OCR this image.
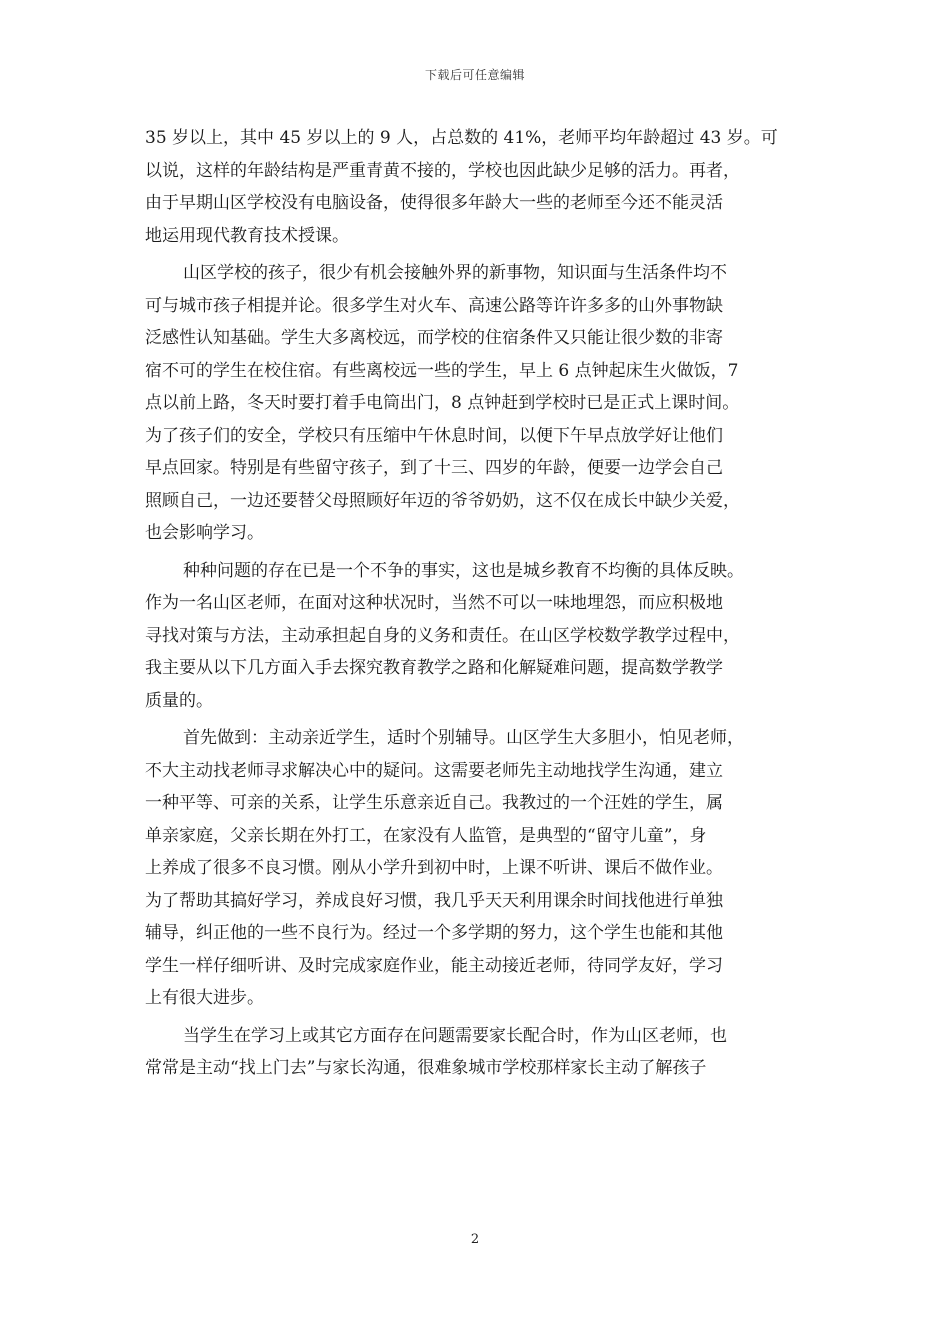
下载后可任意编辑
35 岁以上，其中 45 岁以上的 9 人，占总数的 41%，老师平均年龄超过 43 岁。可
以说，这样的年龄结构是严重青黄不接的，学校也因此缺少足够的活力。再者，
由于早期山区学校没有电脑设备，使得很多年龄大一些的老师至今还不能灵活
地运用现代教育技术授课。
山区学校的孩子，很少有机会接触外界的新事物，知识面与生活条件均不
可与城市孩子相提并论。很多学生对火车、高速公路等许许多多的山外事物缺
泛感性认知基础。学生大多离校远，而学校的住宿条件又只能让很少数的非寄
宿不可的学生在校住宿。有些离校远一些的学生，早上 6 点钟起床生火做饭，7
点以前上路，冬天时要打着手电筒出门，8 点钟赶到学校时已是正式上课时间。
为了孩子们的安全，学校只有压缩中午休息时间，以便下午早点放学好让他们
早点回家。特别是有些留守孩子，到了十三、四岁的年龄，便要一边学会自己
照顾自己，一边还要替父母照顾好年迈的爷爷奶奶，这不仅在成长中缺少关爱，
也会影响学习。
种种问题的存在已是一个不争的事实，这也是城乡教育不均衡的具体反映。
作为一名山区老师，在面对这种状况时，当然不可以一味地埋怨，而应积极地
寻找对策与方法，主动承担起自身的义务和责任。在山区学校数学教学过程中，
我主要从以下几方面入手去探究教育教学之路和化解疑难问题，提高数学教学
质量的。
首先做到：主动亲近学生，适时个别辅导。山区学生大多胆小，怕见老师，
不大主动找老师寻求解决心中的疑问。这需要老师先主动地找学生沟通，建立
一种平等、可亲的关系，让学生乐意亲近自己。我教过的一个汪姓的学生，属
单亲家庭，父亲长期在外打工，在家没有人监管，是典型的“留守儿童”，身
上养成了很多不良习惯。刚从小学升到初中时，上课不听讲、课后不做作业。
为了帮助其搞好学习，养成良好习惯，我几乎天天利用课余时间找他进行单独
辅导，纠正他的一些不良行为。经过一个多学期的努力，这个学生也能和其他
学生一样仔细听讲、及时完成家庭作业，能主动接近老师，待同学友好，学习
上有很大进步。
当学生在学习上或其它方面存在问题需要家长配合时，作为山区老师，也
常常是主动“找上门去”与家长沟通，很难象城市学校那样家长主动了解孩子
2
